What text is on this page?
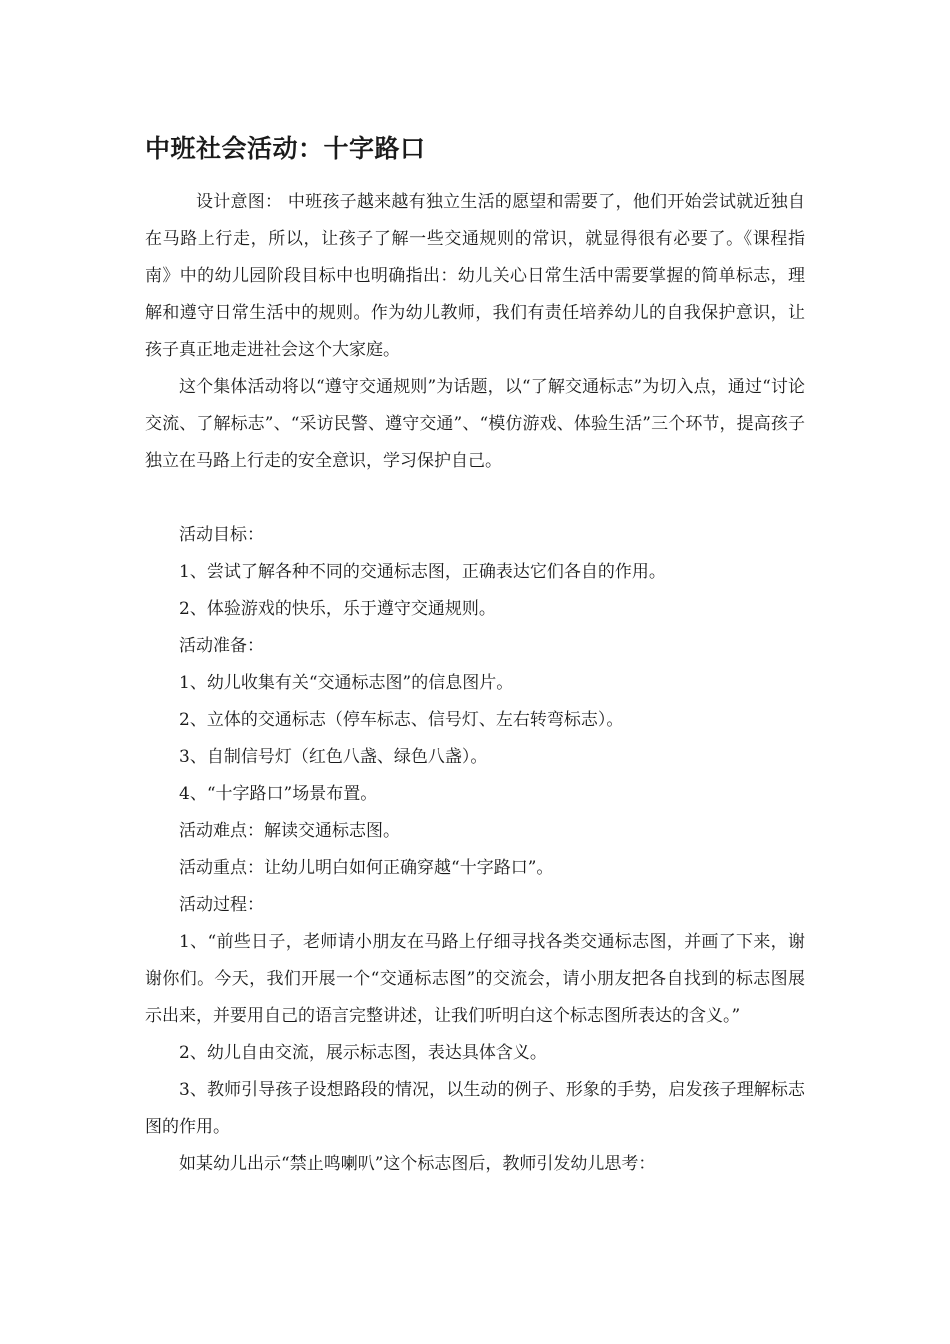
中班社会活动：十字路口

设计意图： 中班孩子越来越有独立生活的愿望和需要了，他们开始尝试就近独自在马路上行走，所以，让孩子了解一些交通规则的常识，就显得很有必要了。《课程指南》中的幼儿园阶段目标中也明确指出：幼儿关心日常生活中需要掌握的简单标志，理解和遵守日常生活中的规则。作为幼儿教师，我们有责任培养幼儿的自我保护意识，让孩子真正地走进社会这个大家庭。

这个集体活动将以“遵守交通规则”为话题，以“了解交通标志”为切入点，通过“讨论交流、了解标志”、“采访民警、遵守交通”、“模仿游戏、体验生活”三个环节，提高孩子独立在马路上行走的安全意识，学习保护自己。

活动目标：

1、尝试了解各种不同的交通标志图，正确表达它们各自的作用。

2、体验游戏的快乐，乐于遵守交通规则。

活动准备：

1、幼儿收集有关“交通标志图”的信息图片。

2、立体的交通标志（停车标志、信号灯、左右转弯标志）。

3、自制信号灯（红色八盏、绿色八盏）。

4、“十字路口”场景布置。

活动难点：解读交通标志图。

活动重点：让幼儿明白如何正确穿越“十字路口”。

活动过程：

1、“前些日子，老师请小朋友在马路上仔细寻找各类交通标志图，并画了下来，谢谢你们。今天，我们开展一个“交通标志图”的交流会，请小朋友把各自找到的标志图展示出来，并要用自己的语言完整讲述，让我们听明白这个标志图所表达的含义。”

2、幼儿自由交流，展示标志图，表达具体含义。

3、教师引导孩子设想路段的情况，以生动的例子、形象的手势，启发孩子理解标志图的作用。

如某幼儿出示“禁止鸣喇叭”这个标志图后，教师引发幼儿思考：
